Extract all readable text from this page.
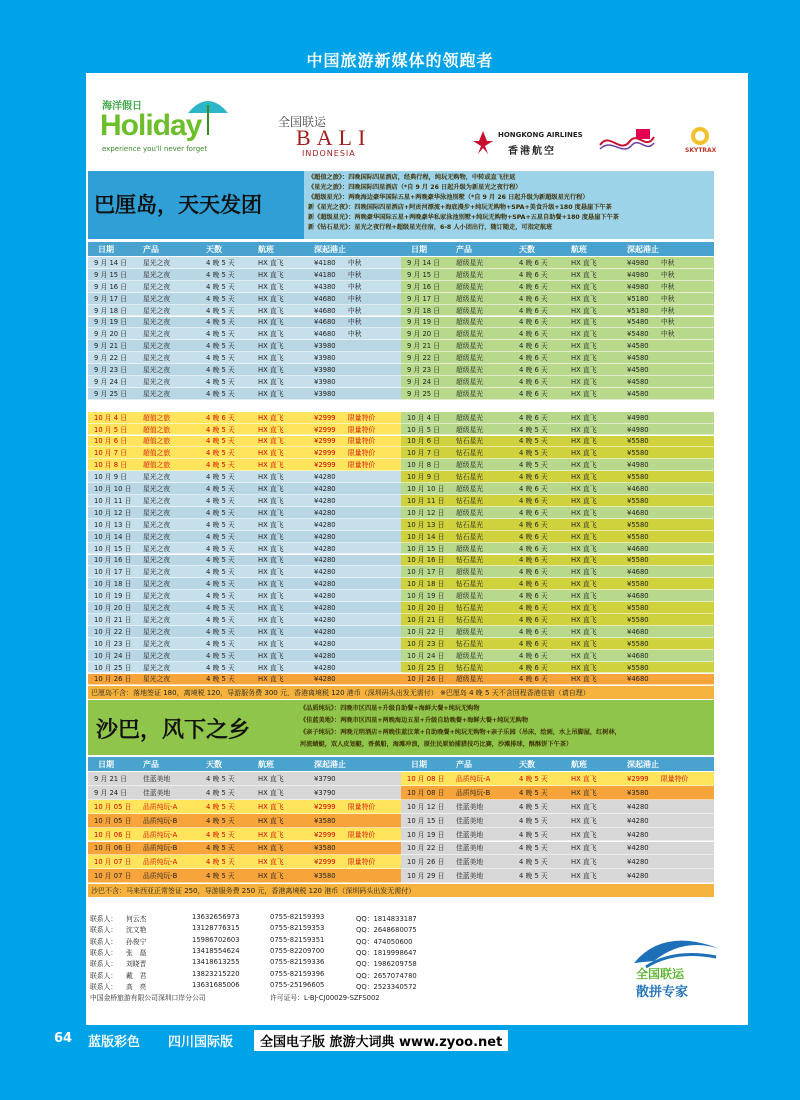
中国旅游新媒体的领跑者
海洋假日
Holiday
experience you'll never forget
全国联运
BALI
INDONESIA
HONGKONG AIRLINES
香港航空	SKYTRAX
巴厘岛，天天发团
《超值之旅》：四晚国际四星酒店，经典行程，纯玩无购物，中转或直飞往返
《星光之旅》：四晚国际四星酒店（*自 9 月 26 日起升级为新星光之夜行程）
《超级星光》：两晚海边豪华国际五星+两晚豪华泳池别墅（*自 9 月 26 日起升级为新超级星光行程）
新《星光之夜》：四晚国际四星酒店+阿贡河漂流+海底漫步+纯玩无购物+SPA+美食升级+180 度悬崖下午茶
新《超级星光》：两晚豪华国际五星+两晚豪华私家泳池别墅+纯玩无购物+SPA+五星自助餐+180 度悬崖下午茶
新《钻石星光》：星光之夜行程+超级星光住宿，6-8 人小团出行，随订随走，可指定航班
日期	产品	天数	航班	深起港止	日期	产品	天数	航班	深起港止
9 月 14 日 星光之夜	4 晚 5 天	HX 直飞	¥4180 中秋
9 月 15 日 星光之夜	4 晚 5 天	HX 直飞	¥4180 中秋
9 月 16 日 星光之夜	4 晚 5 天	HX 直飞	¥4380 中秋
9 月 17 日 星光之夜	4 晚 5 天	HX 直飞	¥4680 中秋
9 月 18 日 星光之夜	4 晚 5 天	HX 直飞	¥4680 中秋
9 月 19 日 星光之夜	4 晚 5 天	HX 直飞	¥4680 中秋
9 月 20 日 星光之夜	4 晚 5 天	HX 直飞	¥4680 中秋
9 月 21 日 星光之夜	4 晚 5 天	HX 直飞	¥3980
9 月 22 日 星光之夜	4 晚 5 天	HX 直飞	¥3980
9 月 23 日 星光之夜	4 晚 5 天	HX 直飞	¥3980
9 月 24 日 星光之夜	4 晚 5 天	HX 直飞	¥3980
9 月 25 日 星光之夜	4 晚 5 天	HX 直飞	¥3980
10 月 4 日 超值之旅	4 晚 6 天	HX 直飞	¥2999 限量特价
10 月 5 日 超值之旅	4 晚 5 天	HX 直飞	¥2999 限量特价
10 月 6 日 超值之旅	4 晚 5 天	HX 直飞	¥2999 限量特价
10 月 7 日 超值之旅	4 晚 5 天	HX 直飞	¥2999 限量特价
10 月 8 日 超值之旅	4 晚 5 天	HX 直飞	¥2999 限量特价
10 月 9 日 星光之夜	4 晚 5 天	HX 直飞	¥4280
10 月 10 日 星光之夜	4 晚 5 天	HX 直飞	¥4280
10 月 11 日 星光之夜	4 晚 5 天	HX 直飞	¥4280
10 月 12 日 星光之夜	4 晚 5 天	HX 直飞	¥4280
10 月 13 日 星光之夜	4 晚 5 天	HX 直飞	¥4280
10 月 14 日 星光之夜	4 晚 5 天	HX 直飞	¥4280
10 月 15 日 星光之夜	4 晚 5 天	HX 直飞	¥4280
10 月 16 日 星光之夜	4 晚 5 天	HX 直飞	¥4280
10 月 17 日 星光之夜	4 晚 5 天	HX 直飞	¥4280
10 月 18 日 星光之夜	4 晚 5 天	HX 直飞	¥4280
10 月 19 日 星光之夜	4 晚 5 天	HX 直飞	¥4280
10 月 20 日 星光之夜	4 晚 5 天	HX 直飞	¥4280
10 月 21 日 星光之夜	4 晚 5 天	HX 直飞	¥4280
10 月 22 日 星光之夜	4 晚 5 天	HX 直飞	¥4280
10 月 23 日 星光之夜	4 晚 5 天	HX 直飞	¥4280
10 月 24 日 星光之夜	4 晚 5 天	HX 直飞	¥4280
10 月 25 日 星光之夜	4 晚 5 天	HX 直飞	¥4280
10 月 26 日 星光之夜	4 晚 5 天	HX 直飞	¥4280
9 月 14 日 超级星光	4 晚 6 天	HX 直飞	¥4980 中秋
9 月 15 日 超级星光	4 晚 6 天	HX 直飞	¥4980 中秋
9 月 16 日 超级星光	4 晚 6 天	HX 直飞	¥4980 中秋
9 月 17 日 超级星光	4 晚 6 天	HX 直飞	¥5180 中秋
9 月 18 日 超级星光	4 晚 6 天	HX 直飞	¥5180 中秋
9 月 19 日 超级星光	4 晚 6 天	HX 直飞	¥5480 中秋
9 月 20 日 超级星光	4 晚 6 天	HX 直飞	¥5480 中秋
9 月 21 日 超级星光	4 晚 6 天	HX 直飞	¥4580
9 月 22 日 超级星光	4 晚 6 天	HX 直飞	¥4580
9 月 23 日 超级星光	4 晚 6 天	HX 直飞	¥4580
9 月 24 日 超级星光	4 晚 6 天	HX 直飞	¥4580
9 月 25 日 超级星光	4 晚 6 天	HX 直飞	¥4580
10 月 4 日 超级星光	4 晚 6 天	HX 直飞	¥4980
10 月 5 日 超级星光	4 晚 5 天	HX 直飞	¥4980
10 月 6 日 钻石星光	4 晚 5 天	HX 直飞	¥5580
10 月 7 日 钻石星光	4 晚 5 天	HX 直飞	¥5580
10 月 8 日 超级星光	4 晚 5 天	HX 直飞	¥4980
10 月 9 日 钻石星光	4 晚 6 天	HX 直飞	¥5580
10 月 10 日 超级星光	4 晚 6 天	HX 直飞	¥4680
10 月 11 日 钻石星光	4 晚 6 天	HX 直飞	¥5580
10 月 12 日 超级星光	4 晚 6 天	HX 直飞	¥4680
10 月 13 日 钻石星光	4 晚 6 天	HX 直飞	¥5580
10 月 14 日 钻石星光	4 晚 6 天	HX 直飞	¥5580
10 月 15 日 超级星光	4 晚 6 天	HX 直飞	¥4680
10 月 16 日 钻石星光	4 晚 6 天	HX 直飞	¥5580
10 月 17 日 超级星光	4 晚 6 天	HX 直飞	¥4680
10 月 18 日 钻石星光	4 晚 6 天	HX 直飞	¥5580
10 月 19 日 超级星光	4 晚 6 天	HX 直飞	¥4680
10 月 20 日 钻石星光	4 晚 6 天	HX 直飞	¥5580
10 月 21 日 钻石星光	4 晚 6 天	HX 直飞	¥5580
10 月 22 日 超级星光	4 晚 6 天	HX 直飞	¥4680
10 月 23 日 钻石星光	4 晚 6 天	HX 直飞	¥5580
10 月 24 日 超级星光	4 晚 6 天	HX 直飞	¥4680
10 月 25 日 钻石星光	4 晚 6 天	HX 直飞	¥5580
10 月 26 日 超级星光	4 晚 6 天	HX 直飞	¥4680
巴厘岛不含：落地签证 180，离境税 120，导游服务费 300 元，香港离境税 120 港币（深圳码头出发无需付） ※巴厘岛 4 晚 5 天不含回程香港住宿（请自理）
沙巴，风下之乡
《品质纯玩》：四晚市区四星+升级自助餐+海鲜大餐+纯玩无购物
《佳蓝美地》：两晚市区四星+两晚海边五星+升级自助晚餐+海鲜大餐+纯玩无购物
《亲子纯玩》：两晚元明酒店+两晚佳蓝汶莱+自助晚餐+纯玩无购物+亲子乐园（吊床，绘画，水上吊脚屋，红树林，
河流蜻蜓，双人皮划艇，香蕉船，海滩冲浪，原住民原始捕猎技巧比赛，沙滩排球，酥酥饼下午茶）
日期	产品	天数	航班	深起港止	日期	产品	天数	航班	深起港止
9 月 21 日 佳蓝美地	4 晚 5 天	HX 直飞	¥3790
9 月 24 日 佳蓝美地	4 晚 5 天	HX 直飞	¥3790
10 月 05 日 品质纯玩-A	4 晚 5 天	HX 直飞	¥2999 限量特价
10 月 05 日 品质纯玩-B	4 晚 5 天	HX 直飞	¥3580
10 月 06 日 品质纯玩-A	4 晚 5 天	HX 直飞	¥2999 限量特价
10 月 06 日 品质纯玩-B	4 晚 5 天	HX 直飞	¥3580
10 月 07 日 品质纯玩-A	4 晚 5 天	HX 直飞	¥2999 限量特价
10 月 07 日 品质纯玩-B	4 晚 5 天	HX 直飞	¥3580
10 月 08 日 品质纯玩-A	4 晚 5 天	HX 直飞	¥2999 限量特价
10 月 08 日 品质纯玩-B	4 晚 5 天	HX 直飞	¥3580
10 月 12 日 佳蓝美地	4 晚 5 天	HX 直飞	¥4280
10 月 15 日 佳蓝美地	4 晚 5 天	HX 直飞	¥4280
10 月 19 日 佳蓝美地	4 晚 5 天	HX 直飞	¥4280
10 月 22 日 佳蓝美地	4 晚 5 天	HX 直飞	¥4280
10 月 26 日 佳蓝美地	4 晚 5 天	HX 直飞	¥4280
10 月 29 日 佳蓝美地	4 晚 5 天	HX 直飞	¥4280
沙巴不含：马来西亚正常签证 250，导游服务费 250 元，香港离境税 120 港币（深圳码头出发无需付）
联系人： 何云杰	13632656973	0755-82159393	QQ：1814833187
联系人： 沈文艳	13128776315	0755-82159353	QQ：2648680075
联系人： 孙俊宁	15986702603	0755-82159351	QQ：474050600
联系人： 张　磊	13418554624	0755-82209700	QQ：1819998647
联系人： 刘晓晋	13418613255	0755-82159336	QQ：1986209758
联系人： 戴　君	13823215220	0755-82159396	QQ：2657074780
联系人： 高　亮	13631685006	0755-25196605	QQ：2523340572
中国金桥旅游有限公司深圳口岸分公司	许可证号：L-BJ-CJ00029-SZFS002
全国联运
散拼专家
64 蓝版彩色 四川国际版	全国电子版 旅游大词典 www.zyoo.net
